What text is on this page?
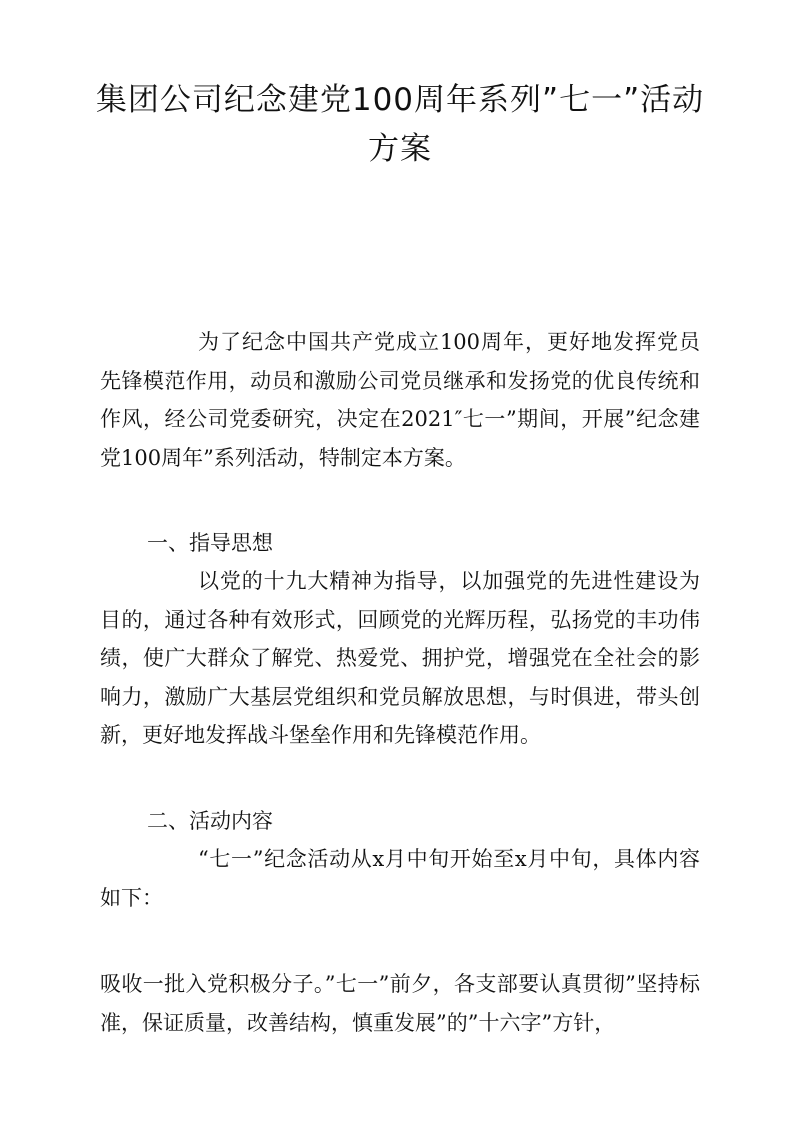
集团公司纪念建党100周年系列”七一”活动方案

为了纪念中国共产党成立100周年，更好地发挥党员先锋模范作用，动员和激励公司党员继承和发扬党的优良传统和作风，经公司党委研究，决定在2021″七一”期间，开展”纪念建党100周年”系列活动，特制定本方案。

一、指导思想

以党的十九大精神为指导，以加强党的先进性建设为目的，通过各种有效形式，回顾党的光辉历程，弘扬党的丰功伟绩，使广大群众了解党、热爱党、拥护党，增强党在全社会的影响力，激励广大基层党组织和党员解放思想，与时俱进，带头创新，更好地发挥战斗堡垒作用和先锋模范作用。

二、活动内容

“七一”纪念活动从x月中旬开始至x月中旬，具体内容如下：

吸收一批入党积极分子。”七一”前夕，各支部要认真贯彻”坚持标准，保证质量，改善结构，慎重发展”的”十六字”方针，
